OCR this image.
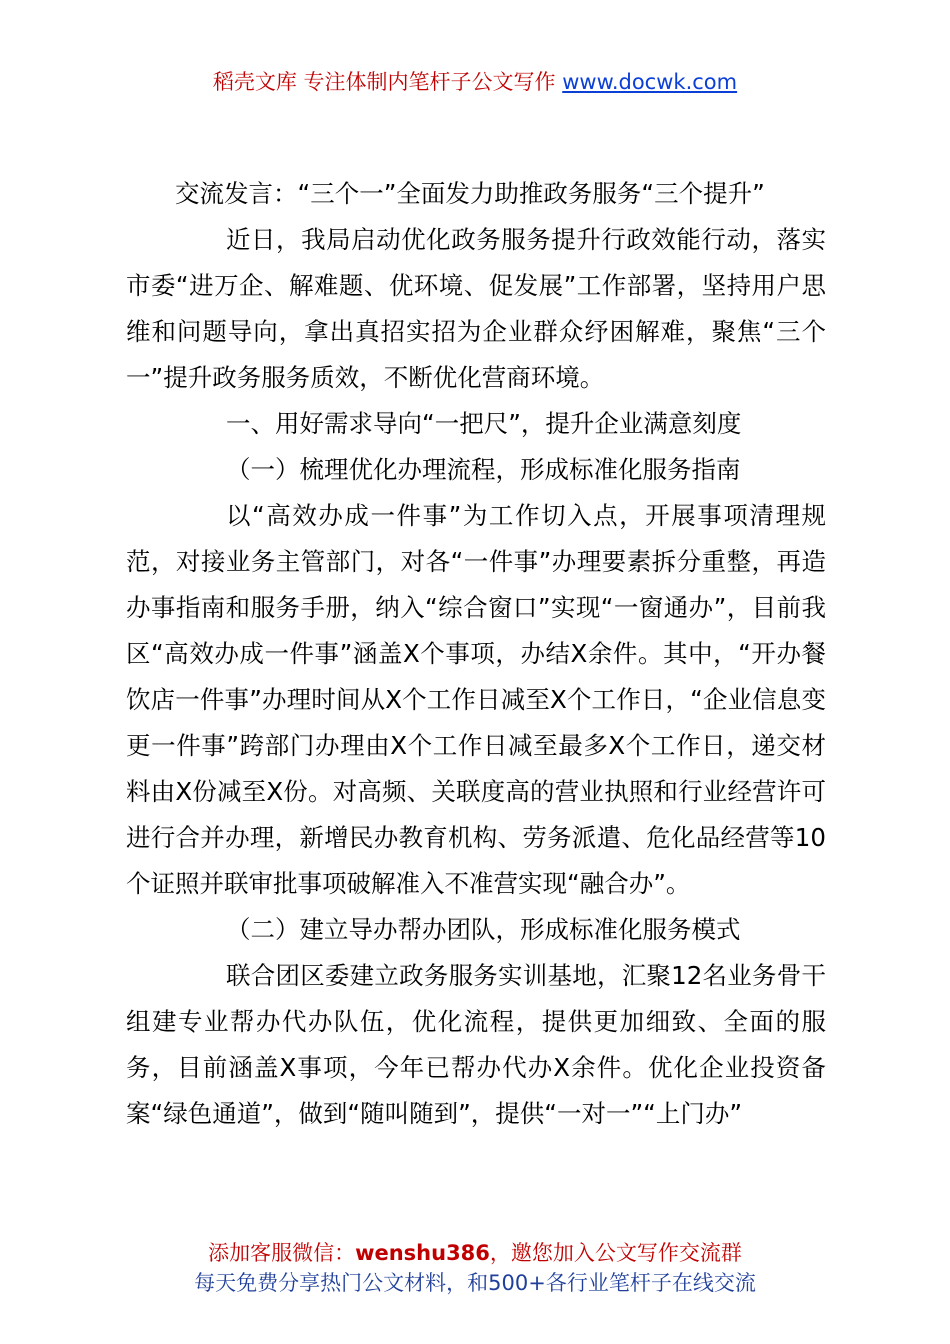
稻壳文库 专注体制内笔杆子公文写作 www.docwk.com

交流发言：“三个一”全面发力助推政务服务“三个提升”

近日，我局启动优化政务服务提升行政效能行动，落实市委“进万企、解难题、优环境、促发展”工作部署，坚持用户思维和问题导向，拿出真招实招为企业群众纾困解难，聚焦“三个一”提升政务服务质效，不断优化营商环境。

一、用好需求导向“一把尺”，提升企业满意刻度

（一）梳理优化办理流程，形成标准化服务指南

以“高效办成一件事”为工作切入点，开展事项清理规范，对接业务主管部门，对各“一件事”办理要素拆分重整，再造办事指南和服务手册，纳入“综合窗口”实现“一窗通办”，目前我区“高效办成一件事”涵盖X个事项，办结X余件。其中，“开办餐饮店一件事”办理时间从X个工作日减至X个工作日，“企业信息变更一件事”跨部门办理由X个工作日减至最多X个工作日，递交材料由X份减至X份。对高频、关联度高的营业执照和行业经营许可进行合并办理，新增民办教育机构、劳务派遣、危化品经营等10个证照并联审批事项破解准入不准营实现“融合办”。

（二）建立导办帮办团队，形成标准化服务模式

联合团区委建立政务服务实训基地，汇聚12名业务骨干组建专业帮办代办队伍，优化流程，提供更加细致、全面的服务，目前涵盖X事项，今年已帮办代办X余件。优化企业投资备案“绿色通道”，做到“随叫随到”，提供“一对一”“上门办”

添加客服微信：wenshu386，邀您加入公文写作交流群
每天免费分享热门公文材料，和500+各行业笔杆子在线交流
